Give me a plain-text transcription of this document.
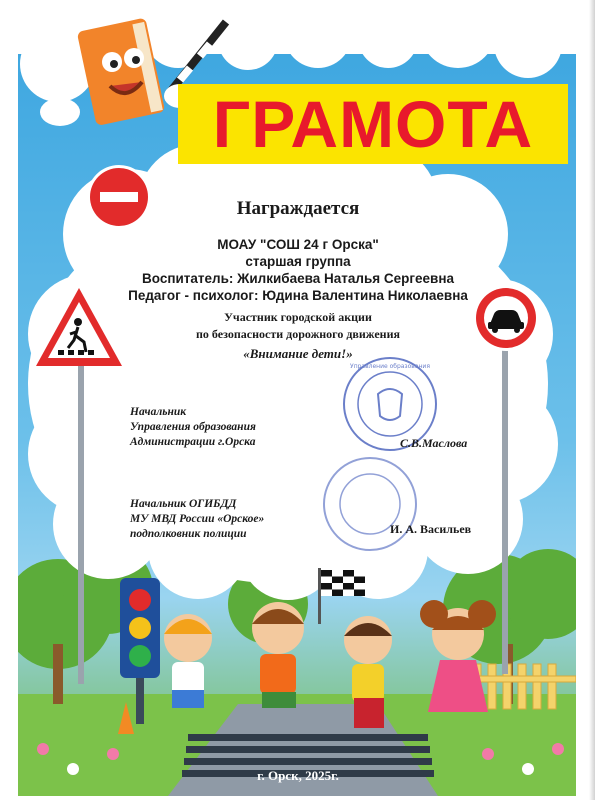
ГРАМОТА
Управление образования
Награждается
МОАУ "СОШ 24 г Орска"
старшая группа
Воспитатель: Жилкибаева Наталья Сергеевна
Педагог - психолог: Юдина Валентина Николаевна
Участник городской акции
по безопасности дорожного движения
«Внимание дети!»
Начальник
Управления образования
Администрации г.Орска	С.В.Маслова
Начальник ОГИБДД
МУ МВД России «Орское»
подполковник полиции	И. А. Васильев
г. Орск, 2025г.
